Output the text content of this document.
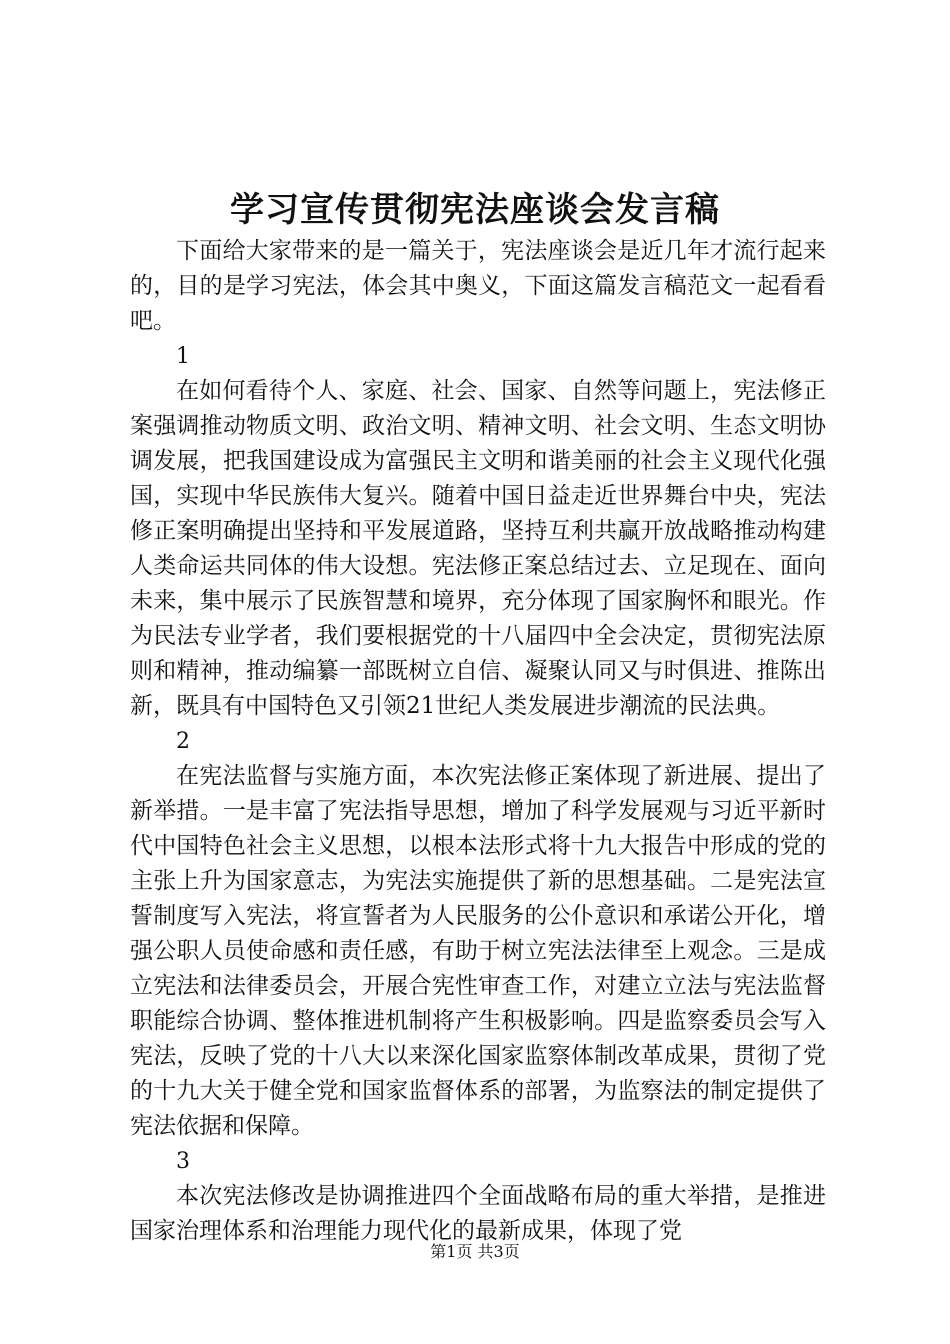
学习宣传贯彻宪法座谈会发言稿

下面给大家带来的是一篇关于，宪法座谈会是近几年才流行起来的，目的是学习宪法，体会其中奥义，下面这篇发言稿范文一起看看吧。

1

在如何看待个人、家庭、社会、国家、自然等问题上，宪法修正案强调推动物质文明、政治文明、精神文明、社会文明、生态文明协调发展，把我国建设成为富强民主文明和谐美丽的社会主义现代化强国，实现中华民族伟大复兴。随着中国日益走近世界舞台中央，宪法修正案明确提出坚持和平发展道路，坚持互利共赢开放战略推动构建人类命运共同体的伟大设想。宪法修正案总结过去、立足现在、面向未来，集中展示了民族智慧和境界，充分体现了国家胸怀和眼光。作为民法专业学者，我们要根据党的十八届四中全会决定，贯彻宪法原则和精神，推动编纂一部既树立自信、凝聚认同又与时俱进、推陈出新，既具有中国特色又引领21世纪人类发展进步潮流的民法典。

2

在宪法监督与实施方面，本次宪法修正案体现了新进展、提出了新举措。一是丰富了宪法指导思想，增加了科学发展观与习近平新时代中国特色社会主义思想，以根本法形式将十九大报告中形成的党的主张上升为国家意志，为宪法实施提供了新的思想基础。二是宪法宣誓制度写入宪法，将宣誓者为人民服务的公仆意识和承诺公开化，增强公职人员使命感和责任感，有助于树立宪法法律至上观念。三是成立宪法和法律委员会，开展合宪性审查工作，对建立立法与宪法监督职能综合协调、整体推进机制将产生积极影响。四是监察委员会写入宪法，反映了党的十八大以来深化国家监察体制改革成果，贯彻了党的十九大关于健全党和国家监督体系的部署，为监察法的制定提供了宪法依据和保障。

3

本次宪法修改是协调推进四个全面战略布局的重大举措，是推进国家治理体系和治理能力现代化的最新成果，体现了党

第1页 共3页
